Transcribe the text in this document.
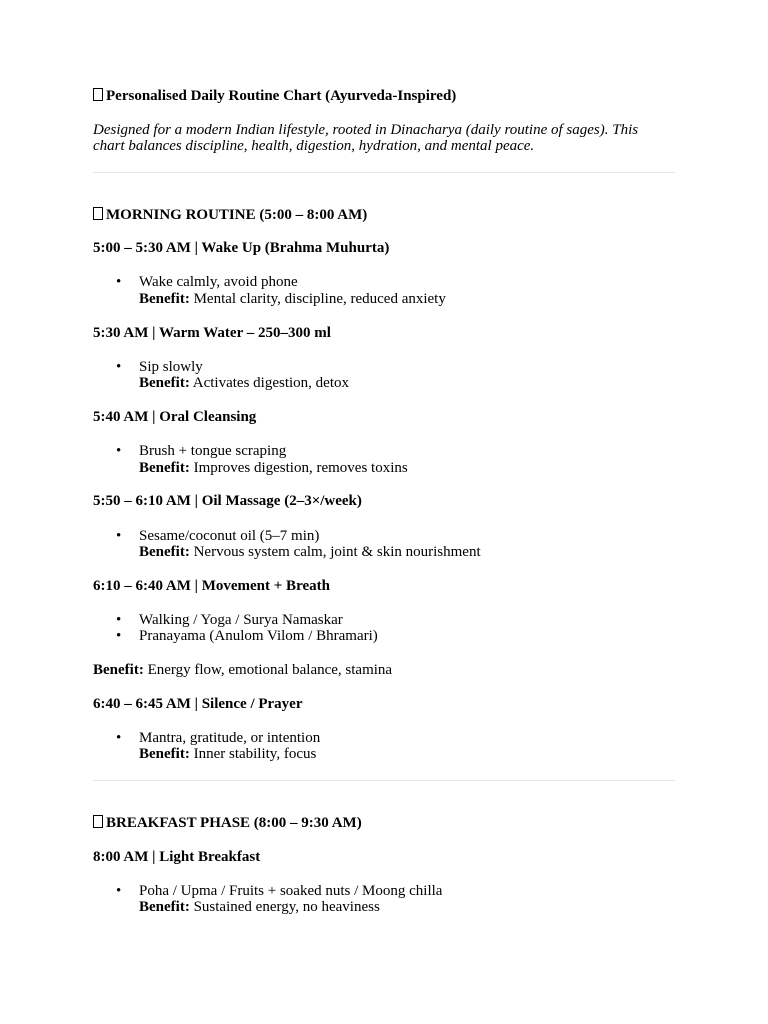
Personalised Daily Routine Chart (Ayurveda-Inspired)
Designed for a modern Indian lifestyle, rooted in Dinacharya (daily routine of sages). This
chart balances discipline, health, digestion, hydration, and mental peace.
MORNING ROUTINE (5:00 – 8:00 AM)
5:00 – 5:30 AM | Wake Up (Brahma Muhurta)
• Wake calmly, avoid phone
Benefit: Mental clarity, discipline, reduced anxiety
5:30 AM | Warm Water – 250–300 ml
• Sip slowly
Benefit: Activates digestion, detox
5:40 AM | Oral Cleansing
• Brush + tongue scraping
Benefit: Improves digestion, removes toxins
5:50 – 6:10 AM | Oil Massage (2–3×/week)
• Sesame/coconut oil (5–7 min)
Benefit: Nervous system calm, joint & skin nourishment
6:10 – 6:40 AM | Movement + Breath
• Walking / Yoga / Surya Namaskar
• Pranayama (Anulom Vilom / Bhramari)
Benefit: Energy flow, emotional balance, stamina
6:40 – 6:45 AM | Silence / Prayer
• Mantra, gratitude, or intention
Benefit: Inner stability, focus
BREAKFAST PHASE (8:00 – 9:30 AM)
8:00 AM | Light Breakfast
• Poha / Upma / Fruits + soaked nuts / Moong chilla
Benefit: Sustained energy, no heaviness
